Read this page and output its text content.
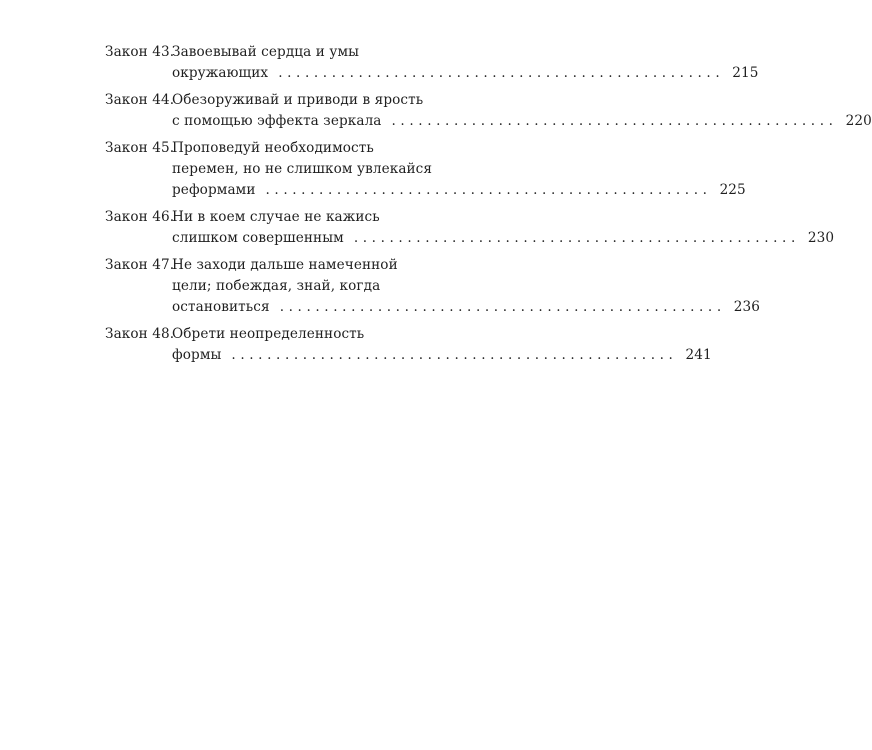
Закон 43.
Завоевывай сердца и умы
окружающих .................................................. 215
Закон 44.
Обезоруживай и приводи в ярость
с помощью эффекта зеркала .................................................. 220
Закон 45.
Проповедуй необходимость
перемен, но не слишком увлекайся
реформами .................................................. 225
Закон 46.
Ни в коем случае не кажись
слишком совершенным .................................................. 230
Закон 47.
Не заходи дальше намеченной
цели; побеждая, знай, когда
остановиться .................................................. 236
Закон 48.
Обрети неопределенность
формы .................................................. 241
